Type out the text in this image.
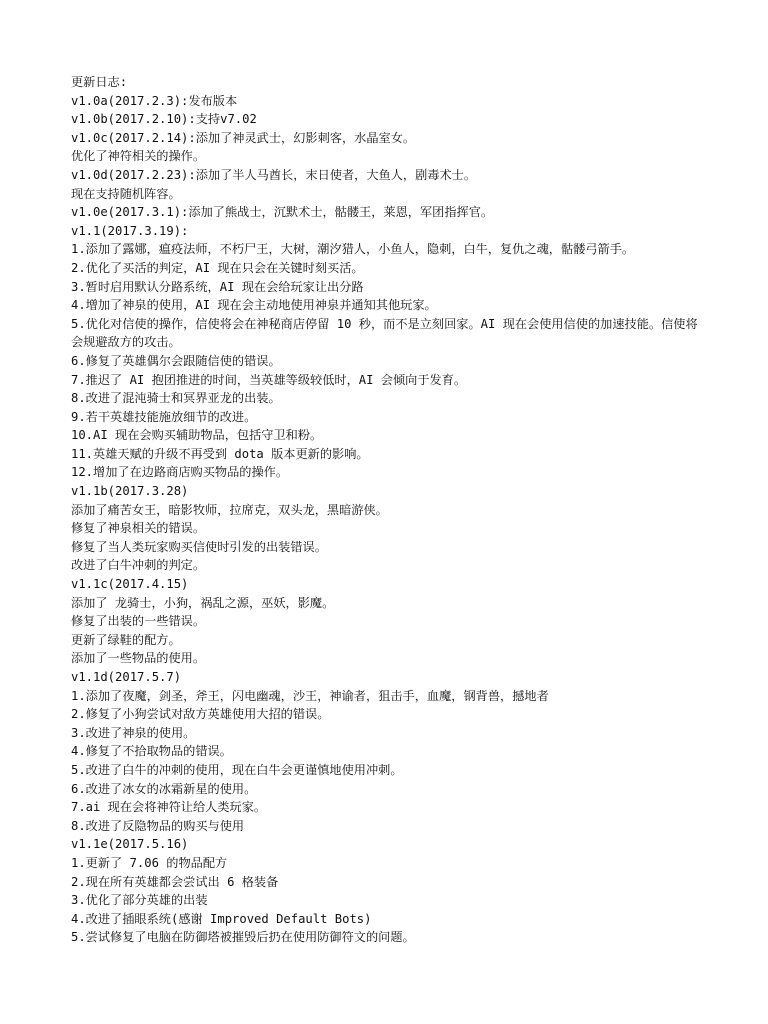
更新日志:

v1.0a(2017.2.3):发布版本

v1.0b(2017.2.10):支持v7.02

v1.0c(2017.2.14):添加了神灵武士，幻影刺客，水晶室女。

优化了神符相关的操作。

v1.0d(2017.2.23):添加了半人马酋长，末日使者，大鱼人，剧毒术士。

现在支持随机阵容。

v1.0e(2017.3.1):添加了熊战士，沉默术士，骷髅王，莱恩，军团指挥官。

v1.1(2017.3.19):

1.添加了露娜，瘟疫法师，不朽尸王，大树，潮汐猎人，小鱼人，隐刺，白牛，复仇之魂，骷髅弓箭手。

2.优化了买活的判定，AI 现在只会在关键时刻买活。

3.暂时启用默认分路系统，AI 现在会给玩家让出分路

4.增加了神泉的使用，AI 现在会主动地使用神泉并通知其他玩家。

5.优化对信使的操作，信使将会在神秘商店停留 10 秒，而不是立刻回家。AI 现在会使用信使的加速技能。信使将会规避敌方的攻击。

6.修复了英雄偶尔会跟随信使的错误。

7.推迟了 AI 抱团推进的时间，当英雄等级较低时，AI 会倾向于发育。

8.改进了混沌骑士和冥界亚龙的出装。

9.若干英雄技能施放细节的改进。

10.AI 现在会购买辅助物品，包括守卫和粉。

11.英雄天赋的升级不再受到 dota 版本更新的影响。

12.增加了在边路商店购买物品的操作。

v1.1b(2017.3.28)

添加了痛苦女王，暗影牧师，拉席克，双头龙，黑暗游侠。

修复了神泉相关的错误。

修复了当人类玩家购买信使时引发的出装错误。

改进了白牛冲刺的判定。

v1.1c(2017.4.15)

添加了 龙骑士，小狗，祸乱之源，巫妖，影魔。

修复了出装的一些错误。

更新了绿鞋的配方。

添加了一些物品的使用。

v1.1d(2017.5.7)

1.添加了夜魔，剑圣，斧王，闪电幽魂，沙王，神谕者，狙击手，血魔，钢背兽，撼地者

2.修复了小狗尝试对敌方英雄使用大招的错误。

3.改进了神泉的使用。

4.修复了不拾取物品的错误。

5.改进了白牛的冲刺的使用，现在白牛会更谨慎地使用冲刺。

6.改进了冰女的冰霜新星的使用。

7.ai 现在会将神符让给人类玩家。

8.改进了反隐物品的购买与使用

v1.1e(2017.5.16)

1.更新了 7.06 的物品配方

2.现在所有英雄都会尝试出 6 格装备

3.优化了部分英雄的出装

4.改进了插眼系统(感谢 Improved Default Bots)

5.尝试修复了电脑在防御塔被摧毁后扔在使用防御符文的问题。
